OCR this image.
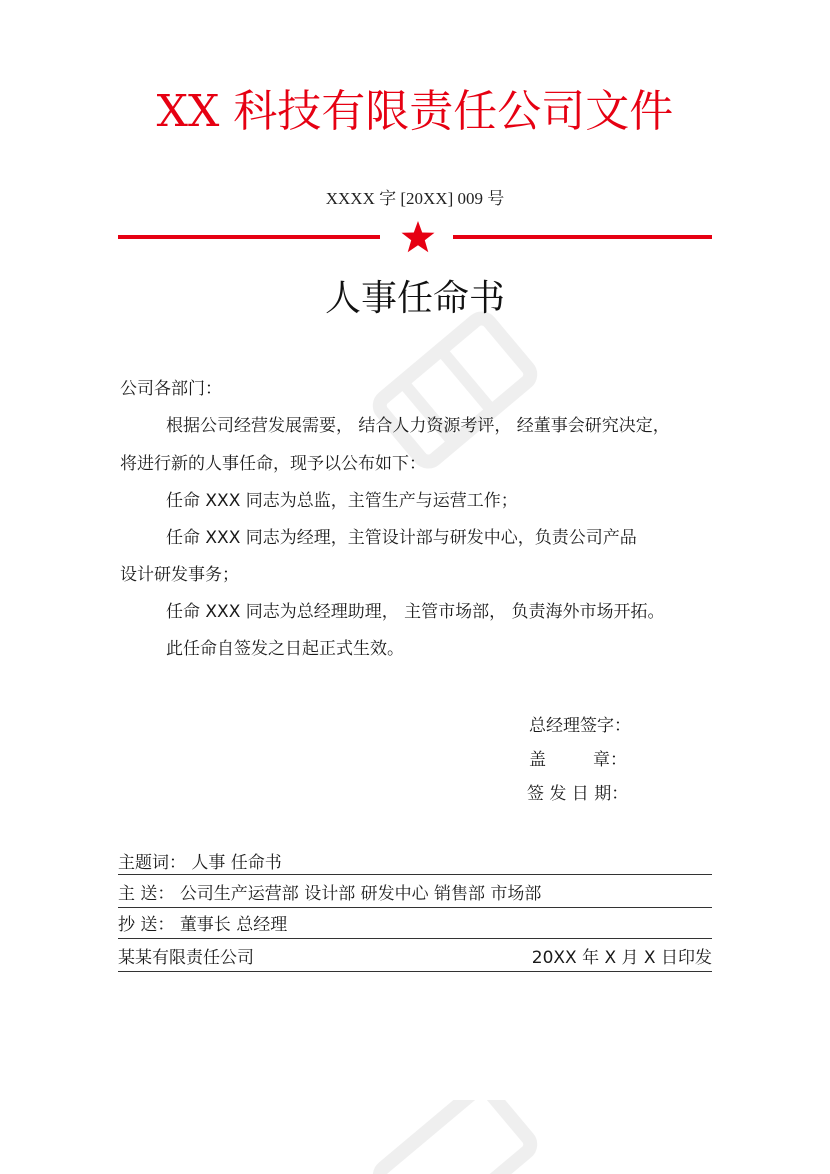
XX 科技有限责任公司文件
XXXX 字 [20XX] 009 号
人事任命书
公司各部门：
根据公司经营发展需要， 结合人力资源考评， 经董事会研究决定，
将进行新的人事任命，现予以公布如下：
任命 XXX 同志为总监，主管生产与运营工作；
任命 XXX 同志为经理，主管设计部与研发中心，负责公司产品
设计研发事务；
任命 XXX 同志为总经理助理， 主管市场部， 负责海外市场开拓。
此任命自签发之日起正式生效。
总经理签字：
盖	章：
签 发 日 期：
主题词： 人事 任命书
主 送： 公司生产运营部 设计部 研发中心 销售部 市场部
抄 送： 董事长 总经理
某某有限责任公司	20XX 年 X 月 X 日印发
